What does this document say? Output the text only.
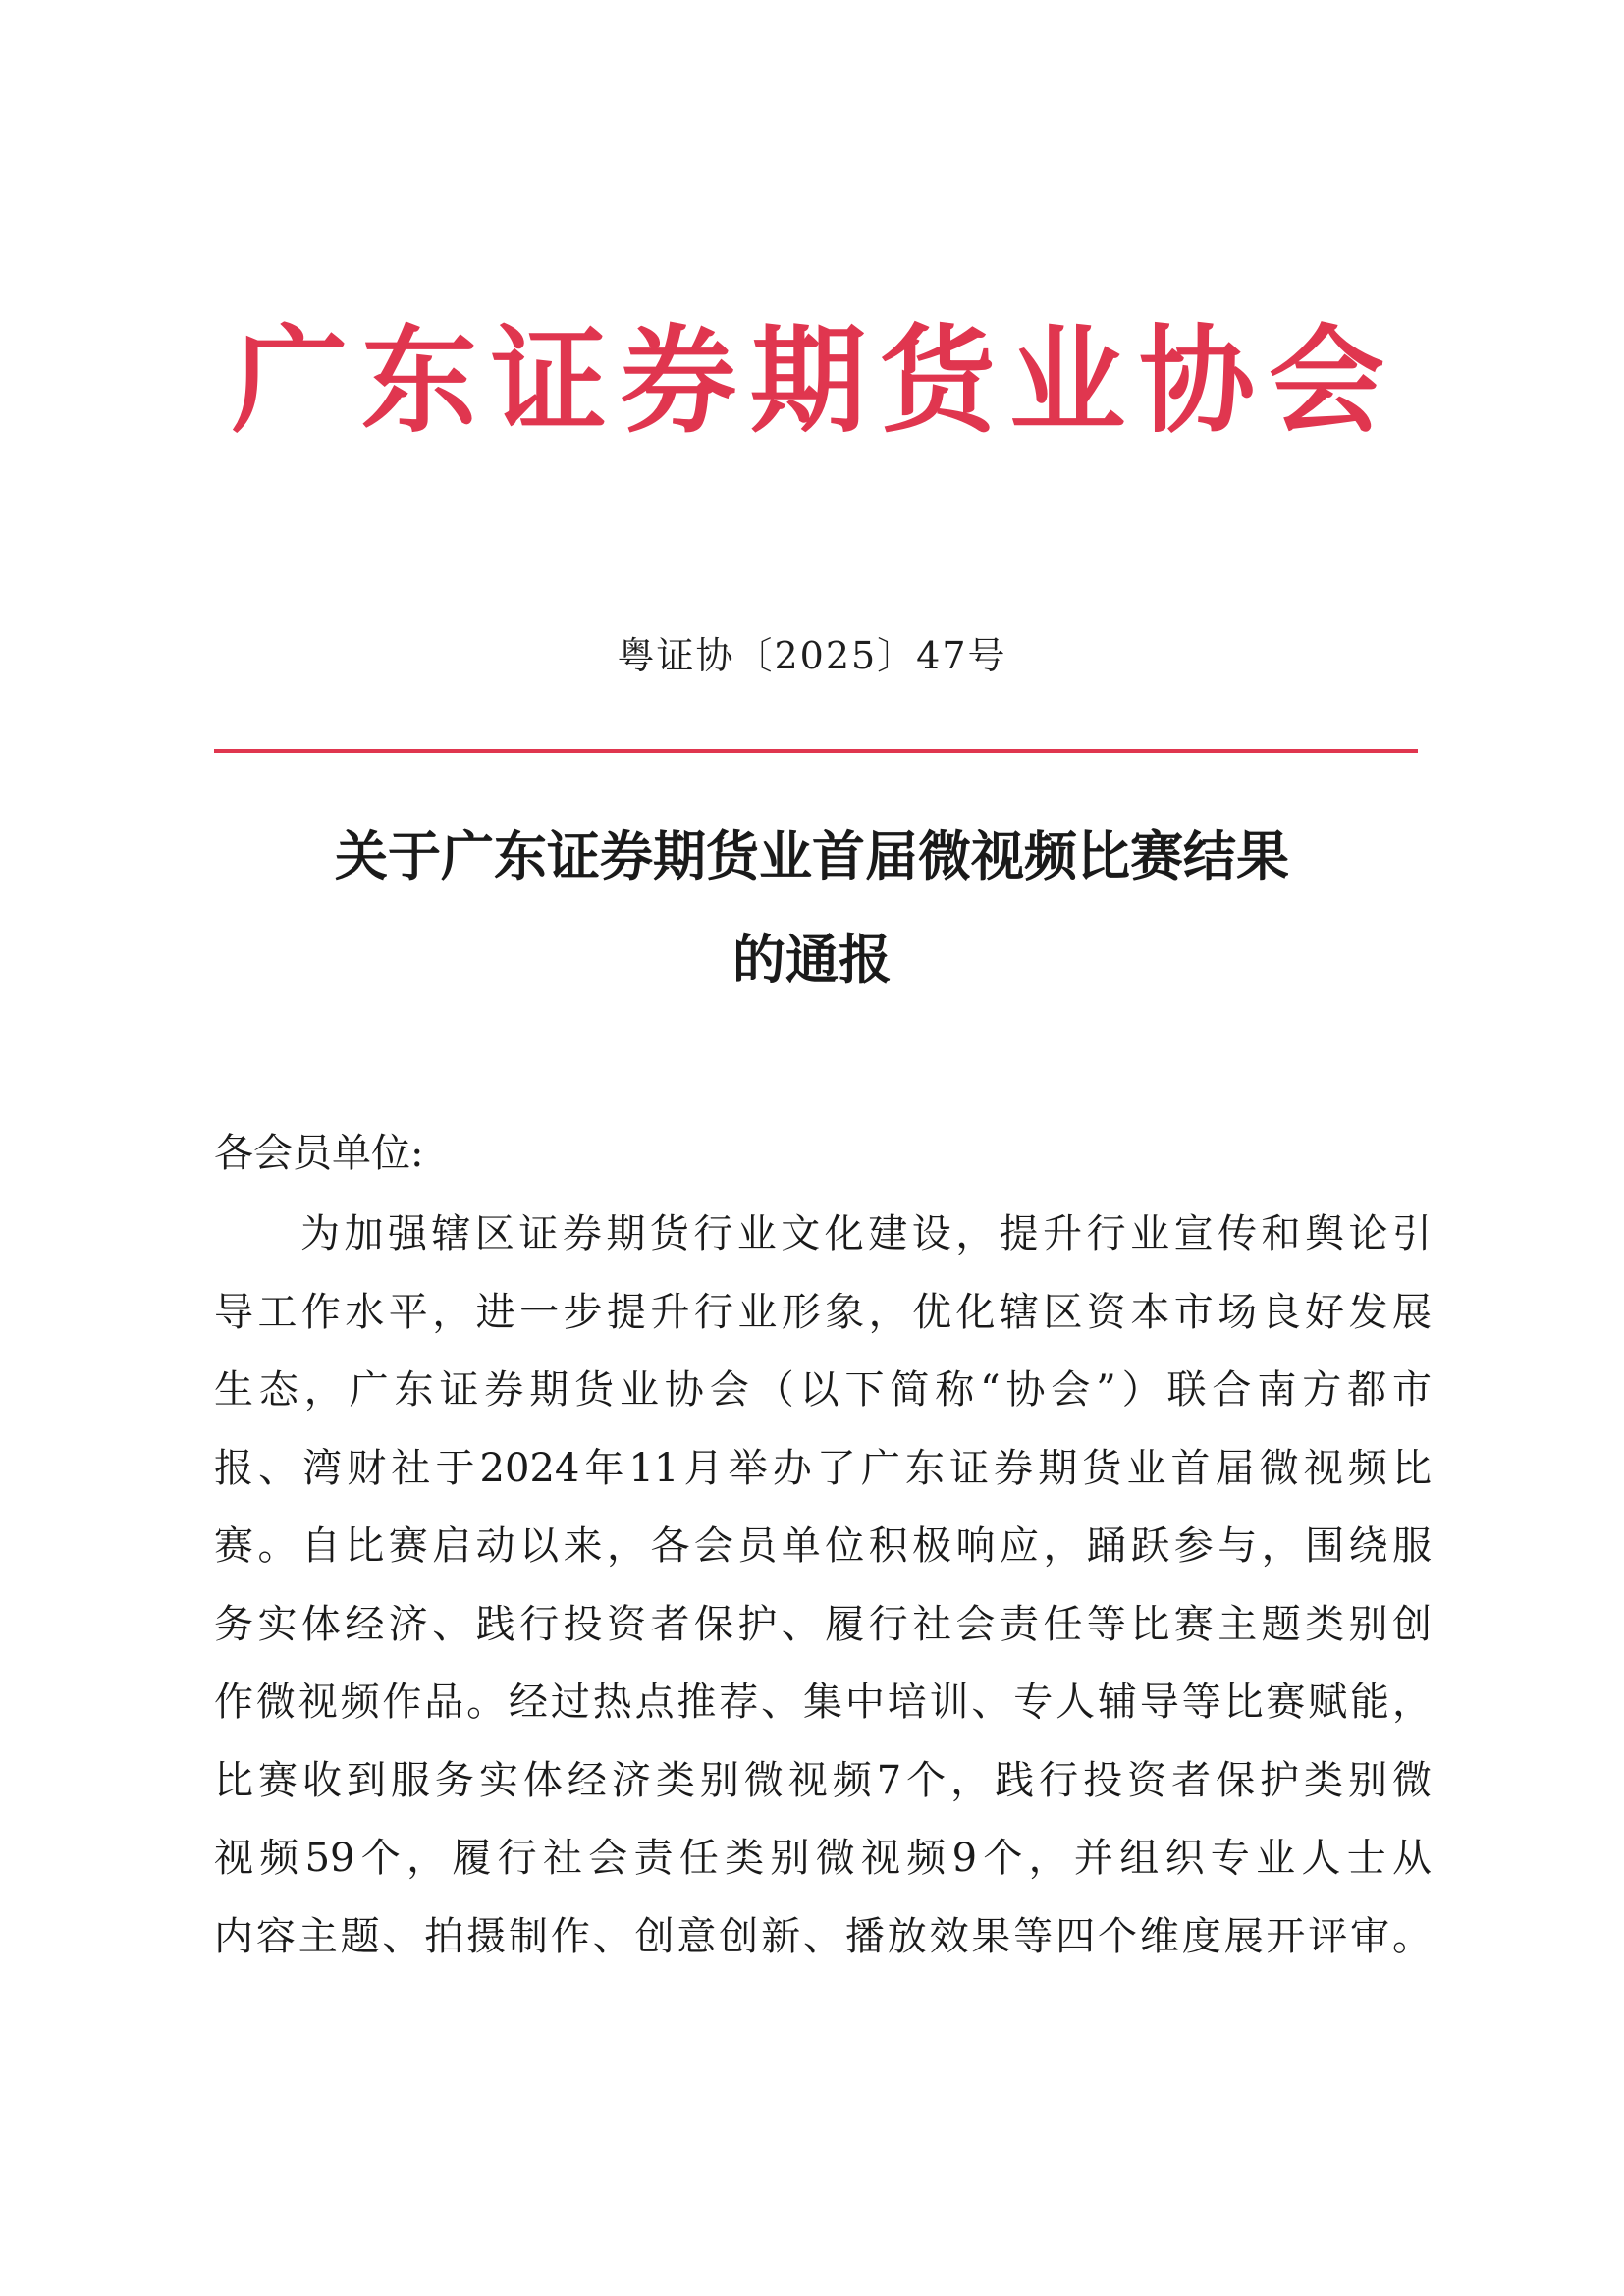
广东证券期货业协会
粤证协〔2025〕47号
关于广东证券期货业首届微视频比赛结果
的通报
各会员单位:
为加强辖区证券期货行业文化建设，提升行业宣传和舆论引
导工作水平，进一步提升行业形象，优化辖区资本市场良好发展
生态，广东证券期货业协会（以下简称“协会”）联合南方都市
报、湾财社于2024年11月举办了广东证券期货业首届微视频比
赛。自比赛启动以来，各会员单位积极响应，踊跃参与，围绕服
务实体经济、践行投资者保护、履行社会责任等比赛主题类别创
作微视频作品。经过热点推荐、集中培训、专人辅导等比赛赋能，
比赛收到服务实体经济类别微视频7个，践行投资者保护类别微
视频59个，履行社会责任类别微视频9个，并组织专业人士从
内容主题、拍摄制作、创意创新、播放效果等四个维度展开评审。
